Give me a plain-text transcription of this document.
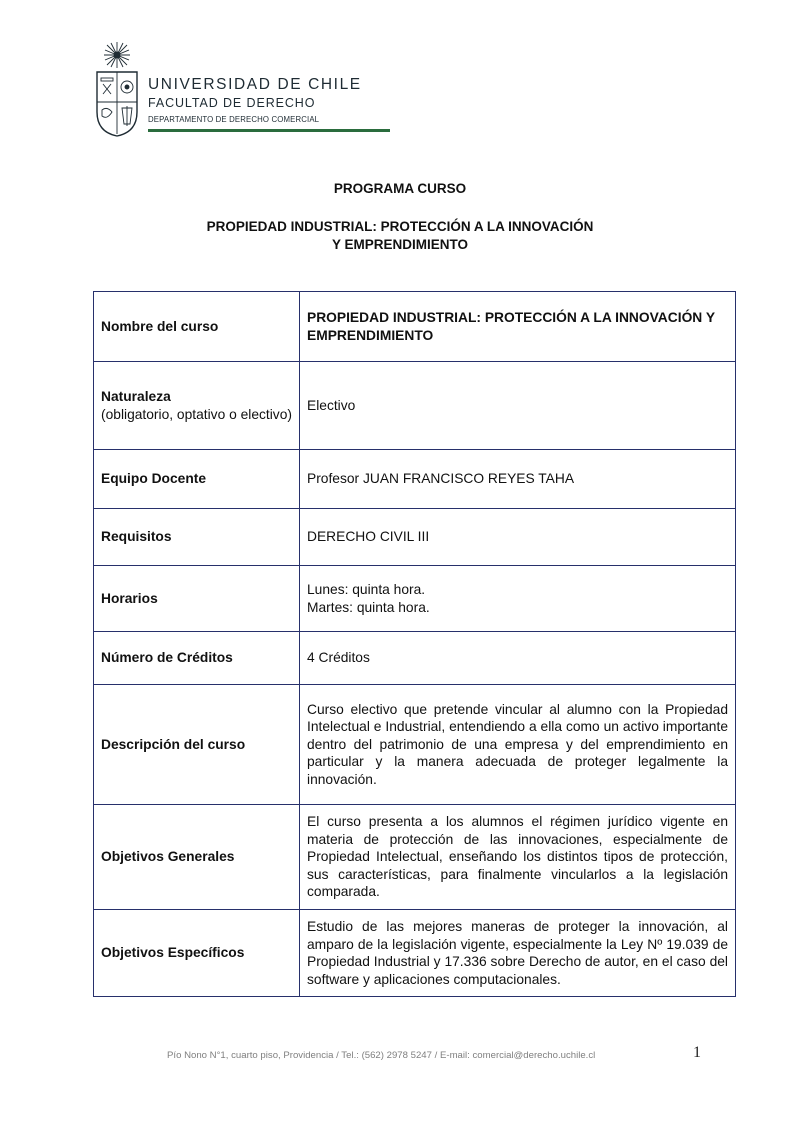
UNIVERSIDAD DE CHILE
FACULTAD DE DERECHO
DEPARTAMENTO DE DERECHO COMERCIAL
PROGRAMA CURSO
PROPIEDAD INDUSTRIAL: PROTECCIÓN A LA INNOVACIÓN
Y EMPRENDIMIENTO
Nombre del curso	PROPIEDAD INDUSTRIAL: PROTECCIÓN A LA INNOVACIÓN Y EMPRENDIMIENTO

Naturaleza
(obligatorio, optativo o electivo)	Electivo
Equipo Docente	Profesor JUAN FRANCISCO REYES TAHA
Requisitos	DERECHO CIVIL III
Horarios	Lunes: quinta hora.
Martes: quinta hora.

Número de Créditos	4 Créditos
Descripción del curso	Curso electivo que pretende vincular al alumno con la Propiedad Intelectual e Industrial, entendiendo a ella como un activo importante dentro del patrimonio de una empresa y del emprendimiento en particular y la manera adecuada de proteger legalmente la innovación.
Objetivos Generales	El curso presenta a los alumnos el régimen jurídico vigente en materia de protección de las innovaciones, especialmente de Propiedad Intelectual, enseñando los distintos tipos de protección, sus características, para finalmente vincularlos a la legislación comparada.
Objetivos Específicos	Estudio de las mejores maneras de proteger la innovación, al amparo de la legislación vigente, especialmente la Ley Nº 19.039 de Propiedad Industrial y 17.336 sobre Derecho de autor, en el caso del software y aplicaciones computacionales.
Pío Nono N°1, cuarto piso, Providencia / Tel.: (562) 2978 5247 / E-mail: comercial@derecho.uchile.cl	1
